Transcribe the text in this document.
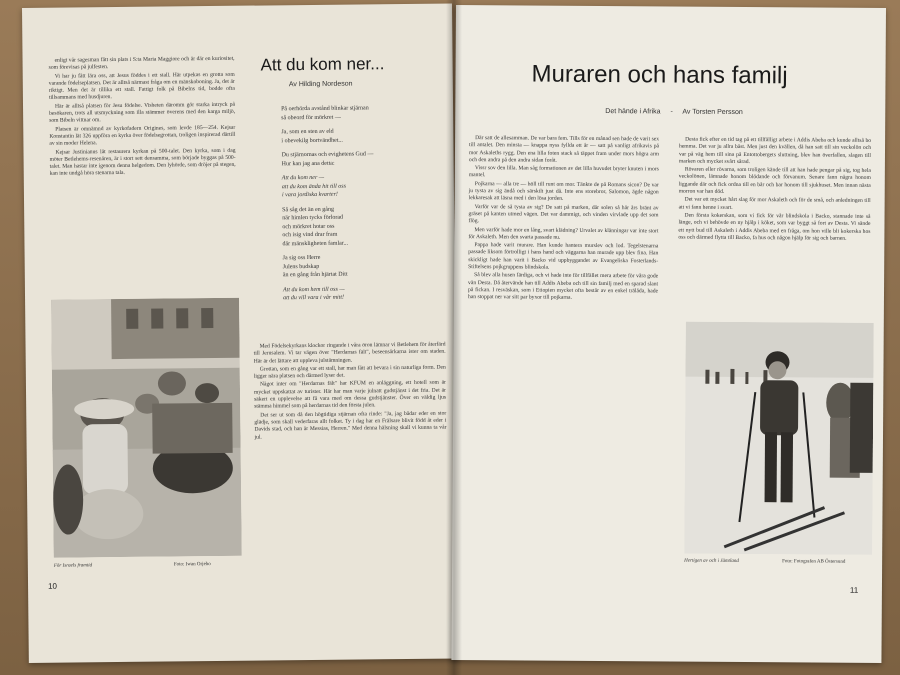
enligt vår sagesman fått sin plats i S:ta Maria Maggiore och är där en kuriositet, som förevisas på julfesten.

Vi har ju fått lära oss, att Jesus föddes i ett stall. Här utpekas en grotta som varande födelseplatsen. Det är alltså närmast fråga om en mänskoboning. Ja, det är riktigt. Men det är tillika ett stall. Fattigt folk på Bibelns tid, bodde ofta tillsammans med husdjuren.

Här är alltså platsen för Jesu födelse. Visheten däromm gör starka intryck på besökaren, trots all utsmyckning som illa stämmer överens med den karga miljö, som Bibeln vittnar om.

Platsen är omnämnd av kyrkofadern Origines, som levde 185—254. Kejsar Konstantin lät 326 uppföra en kyrka över födelsegrottan, troligen inspirerad därtill av sin moder Helena.

Kejsar Justinianus lät restaurera kyrkan på 500-talet. Den kyrka, som i dag möter Betlehems-resenären, är i stort sett densamma, som började byggas på 500-talet. Man hastar inte igenom denna helgedom. Den lyhörde, som dröjer på stegen, kan inte undgå höra stenarna tala.

För Israels framtid	Foto: Iwan Orjebo
Att du kom ner...
Av Hilding Nordeson
På oerhörda avstånd blinkar stjärnan
så obeord för mörkret —
Ja, som en sten av eld
i obevekilg bortvändhet...
Du stjärnornas och evighetens Gud —
Hur kan jag ana detta:
Att du kom ner —
att du kom ända hit till oss
i vara jordiska kvarter!
Så såg det än en gång
när himlen tycks förlorad
och mörkret hotar oss
och isig vind drar fram
där mänskligheten famlar...
Ja sig oss Herre
Julens budskap
än en gång från hjärtat Ditt
Att du kom hem till oss —
att du vill vara i vår mitt!

Med Födelsekyrkans klockor ringande i våra öron lämnar vi Betlehem för återfärd till Jerusalem. Vi tar vägen över "Herdarnas fält", beseensärkarna ister om staden. Här är det lättare att uppleva julstämningen.

Grottan, som en gång var ett stall, har man fått att bevara i sin naturliga form. Den ligger nära platsen och därmed lyser det.

Något inter om "Herdarnas fält" har KFUM en anläggning, ett hotell som är mycket uppskattat av turister. Här har man varje julnatt gudstjänst i det fria. Det är säkert en upplevelse att få vara med om dessa gudstjänster. Över en väldig ljus stämma himmel som på herdarnas tid den första julen.

Det ser ut som då den högtidiga stjärnan ofta rinde: "Ja, jag bådar eder en stor glädje, som skall vederfaras allt folket. Ty i dag har en Frälsare blivit född åt eder i Davids stad, och han är Messias, Herren." Med denna hälsning skall vi kunna ta vår jul.

10
Muraren och hans familj
Det hände i Afrika - Av Torsten Persson

Där satt de allesamman. De var bara fem. Tills för en månad sen hade de varit sex till antalet. Den minsta — knappa nyss fyllda ett år — satt på vanligt afrikavis på mor Askaleths rygg. Den ena lilla foten stack så täppet fram under mors högra arm och den andra på den andra sidan foråt.

Vissr sov den lilla. Man såg formationen av det lilla huvudet bryter knuten i mors mantel.

Pojkarna — alla tre — höll till runt om mor. Tänkte de på Romans sicon? De var ju tysta av sig ändå och särskilt just då. Inte ens storebror, Salomon, ägde någon lekkaresak att läsna med i den lösa jorden.

Varför var de så tysta av sig? De satt på marken, där solen så här års bränt av gräset på kanten utmed vägen. Det var dammigt, och vinden virvlade upp det som flög.

Men varför hade mor en lång, svart klädning? Urvalet av klänningar var inte stort för Askaleth. Men den svarta passade nu.

Pappa hade varit murare. Han kunde hantera murslev och lod. Tegelstenarna passade liksom förtrolligt i hans hand och väggarna han murade upp blev fina. Han skickligt hade han varit i Backo vid uppbyggandet av Evangeliska Fosterlands-Stiftelsens pojkgruppens blindskola.

Så blev alla husen färdiga, och vi hade inte för tillfället mera arbete för våra gode vän Desta. Då återvände han till Addis Abeba och till sin familj med en sparad slant på fickan. I resväskan, som i Etiopien mycket ofta består av en enkel trälåda, hade han stoppat ner var sitt par byxor till pojkarna.

Desta fick efter en tid tag på ett tillfälligt arbete i Addis Abeba och kunde alltså bo hemma. Det var ju allra bäst. Men just den kvällen, då han satt till sin veckolön och var på väg hem till sina på Entottobergets sluttning, blev han överfallen, slagen till marken och mycket svårt sårad.

Rövaren eller rövarna, som troligen kände till att han hade pengar på sig, tog hela veckolönen, lämnade honom blödande och förvanum. Senare fann några honom liggande där och fick ordna till en bår och bar honom till sjukhuset. Men innan nästa morron var han död.

Det var ett mycket hårt slag för mor Askaleth och för de små, och anledningen till att vi fann henne i svart.

Den första kokerskan, som vi fick för vår blindskola i Backo, stannade inte så länge, och vi behövde en ny hjälp i köket, som var byggt så fort av Desta. Vi sände ett nytt bud till Askaleth i Addis Abeba med en fråga, om hon ville bli kokerska hos oss och därmed flytta till Backo, fa hus och någon hjälp för sig och barnen.

Hertigen av och i Jämtland	Foto: Fotografen AB Östersund
11
